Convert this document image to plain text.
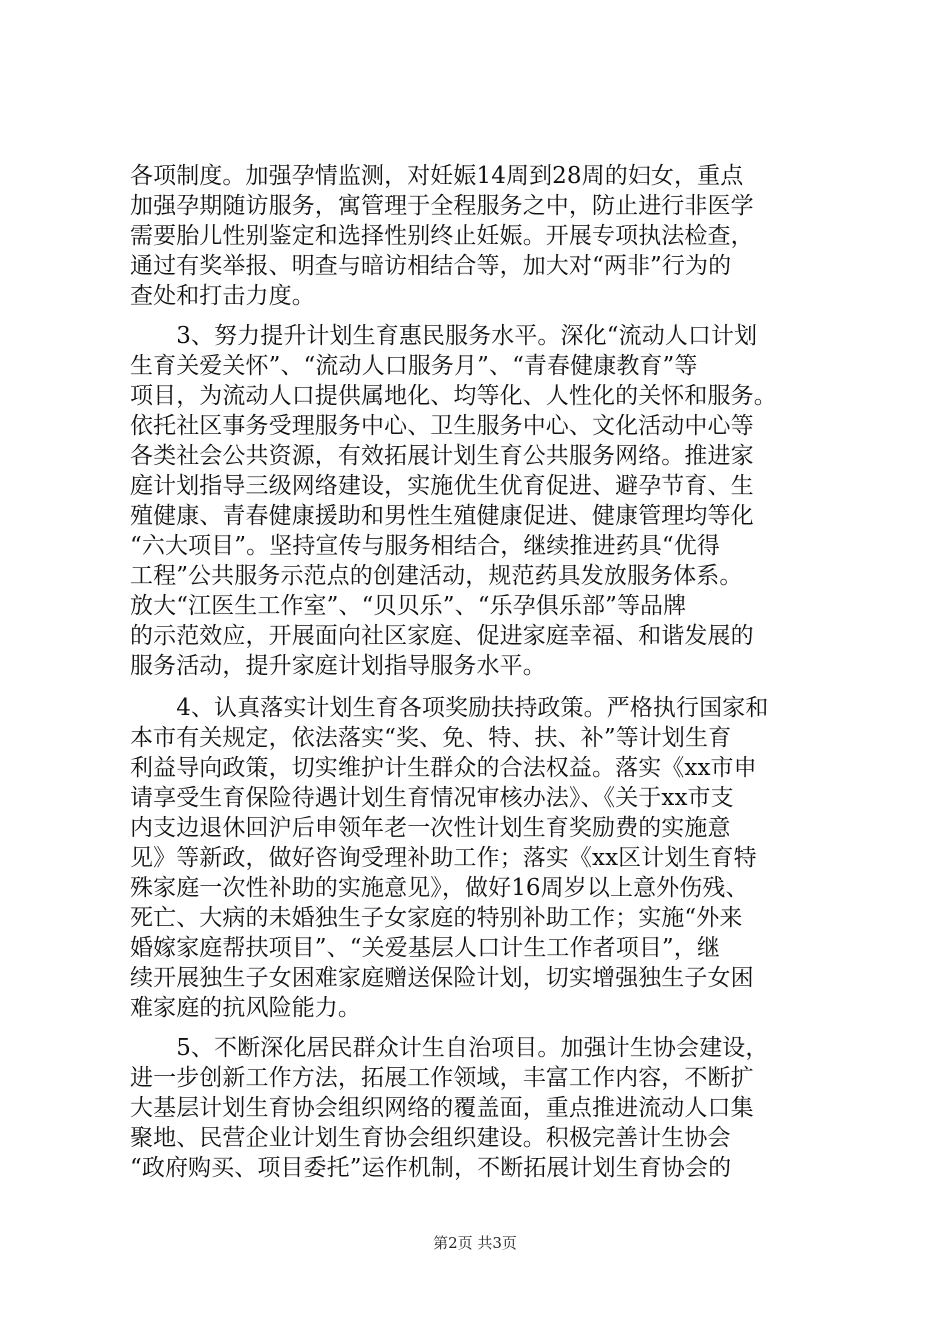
各项制度。加强孕情监测，对妊娠14周到28周的妇女，重点
加强孕期随访服务，寓管理于全程服务之中，防止进行非医学
需要胎儿性别鉴定和选择性别终止妊娠。开展专项执法检查，
通过有奖举报、明查与暗访相结合等，加大对“两非”行为的
查处和打击力度。
　　3、努力提升计划生育惠民服务水平。深化“流动人口计划
生育关爱关怀”、“流动人口服务月”、“青春健康教育”等
项目，为流动人口提供属地化、均等化、人性化的关怀和服务。
依托社区事务受理服务中心、卫生服务中心、文化活动中心等
各类社会公共资源，有效拓展计划生育公共服务网络。推进家
庭计划指导三级网络建设，实施优生优育促进、避孕节育、生
殖健康、青春健康援助和男性生殖健康促进、健康管理均等化
“六大项目”。坚持宣传与服务相结合，继续推进药具“优得
工程”公共服务示范点的创建活动，规范药具发放服务体系。
放大“江医生工作室”、“贝贝乐”、“乐孕俱乐部”等品牌
的示范效应，开展面向社区家庭、促进家庭幸福、和谐发展的
服务活动，提升家庭计划指导服务水平。
　　4、认真落实计划生育各项奖励扶持政策。严格执行国家和
本市有关规定，依法落实“奖、免、特、扶、补”等计划生育
利益导向政策，切实维护计生群众的合法权益。落实《xx市申
请享受生育保险待遇计划生育情况审核办法》、《关于xx市支
内支边退休回沪后申领年老一次性计划生育奖励费的实施意
见》等新政，做好咨询受理补助工作；落实《xx区计划生育特
殊家庭一次性补助的实施意见》，做好16周岁以上意外伤残、
死亡、大病的未婚独生子女家庭的特别补助工作；实施“外来
婚嫁家庭帮扶项目”、“关爱基层人口计生工作者项目”，继
续开展独生子女困难家庭赠送保险计划，切实增强独生子女困
难家庭的抗风险能力。
　　5、不断深化居民群众计生自治项目。加强计生协会建设，
进一步创新工作方法，拓展工作领域，丰富工作内容，不断扩
大基层计划生育协会组织网络的覆盖面，重点推进流动人口集
聚地、民营企业计划生育协会组织建设。积极完善计生协会
“政府购买、项目委托”运作机制，不断拓展计划生育协会的
第2页 共3页
